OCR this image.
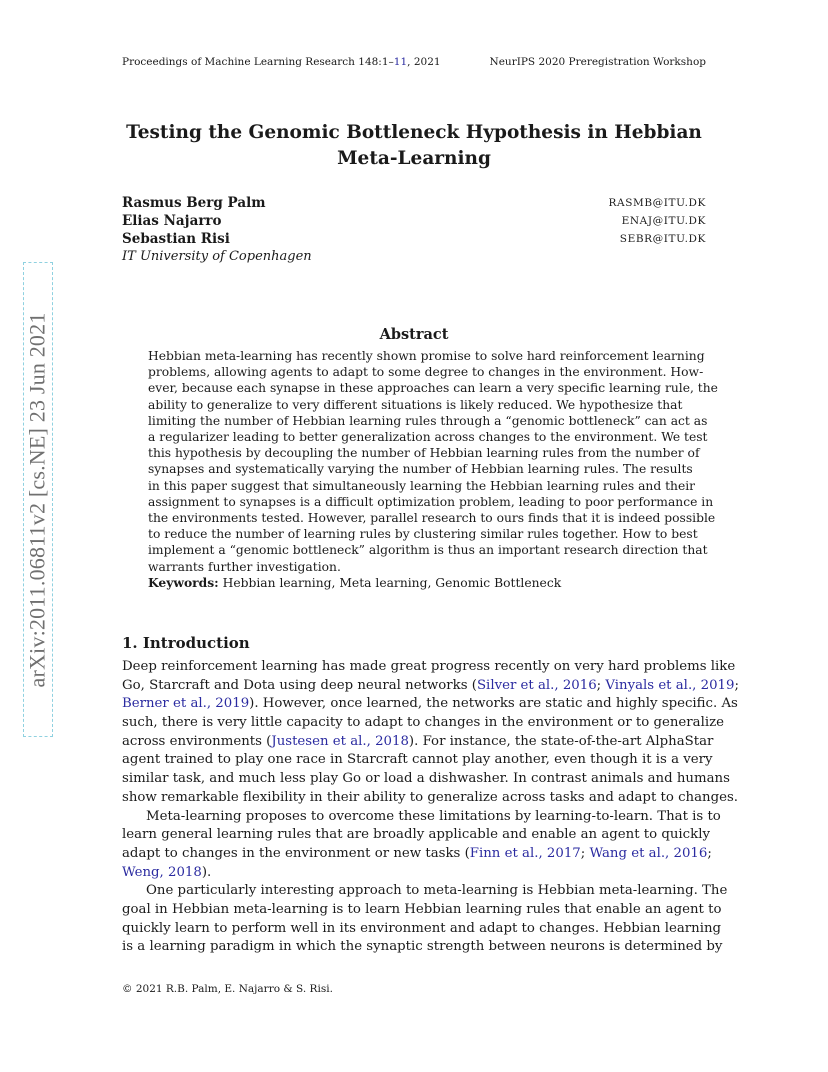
Proceedings of Machine Learning Research 148:1–11, 2021	NeurIPS 2020 Preregistration Workshop
arXiv:2011.06811v2 [cs.NE] 23 Jun 2021
Testing the Genomic Bottleneck Hypothesis in Hebbian
Meta-Learning
Rasmus Berg Palm	RASMB@ITU.DK
Elias Najarro	ENAJ@ITU.DK
Sebastian Risi	SEBR@ITU.DK
IT University of Copenhagen
Abstract
Hebbian meta-learning has recently shown promise to solve hard reinforcement learning
problems, allowing agents to adapt to some degree to changes in the environment. How-
ever, because each synapse in these approaches can learn a very specific learning rule, the
ability to generalize to very different situations is likely reduced. We hypothesize that
limiting the number of Hebbian learning rules through a “genomic bottleneck” can act as
a regularizer leading to better generalization across changes to the environment. We test
this hypothesis by decoupling the number of Hebbian learning rules from the number of
synapses and systematically varying the number of Hebbian learning rules. The results
in this paper suggest that simultaneously learning the Hebbian learning rules and their
assignment to synapses is a difficult optimization problem, leading to poor performance in
the environments tested. However, parallel research to ours finds that it is indeed possible
to reduce the number of learning rules by clustering similar rules together. How to best
implement a “genomic bottleneck” algorithm is thus an important research direction that
warrants further investigation.
Keywords: Hebbian learning, Meta learning, Genomic Bottleneck
1. Introduction
Deep reinforcement learning has made great progress recently on very hard problems like
Go, Starcraft and Dota using deep neural networks (Silver et al., 2016; Vinyals et al., 2019;
Berner et al., 2019). However, once learned, the networks are static and highly specific. As
such, there is very little capacity to adapt to changes in the environment or to generalize
across environments (Justesen et al., 2018). For instance, the state-of-the-art AlphaStar
agent trained to play one race in Starcraft cannot play another, even though it is a very
similar task, and much less play Go or load a dishwasher. In contrast animals and humans
show remarkable flexibility in their ability to generalize across tasks and adapt to changes.
Meta-learning proposes to overcome these limitations by learning-to-learn. That is to
learn general learning rules that are broadly applicable and enable an agent to quickly
adapt to changes in the environment or new tasks (Finn et al., 2017; Wang et al., 2016;
Weng, 2018).
One particularly interesting approach to meta-learning is Hebbian meta-learning. The
goal in Hebbian meta-learning is to learn Hebbian learning rules that enable an agent to
quickly learn to perform well in its environment and adapt to changes. Hebbian learning
is a learning paradigm in which the synaptic strength between neurons is determined by
© 2021 R.B. Palm, E. Najarro & S. Risi.
